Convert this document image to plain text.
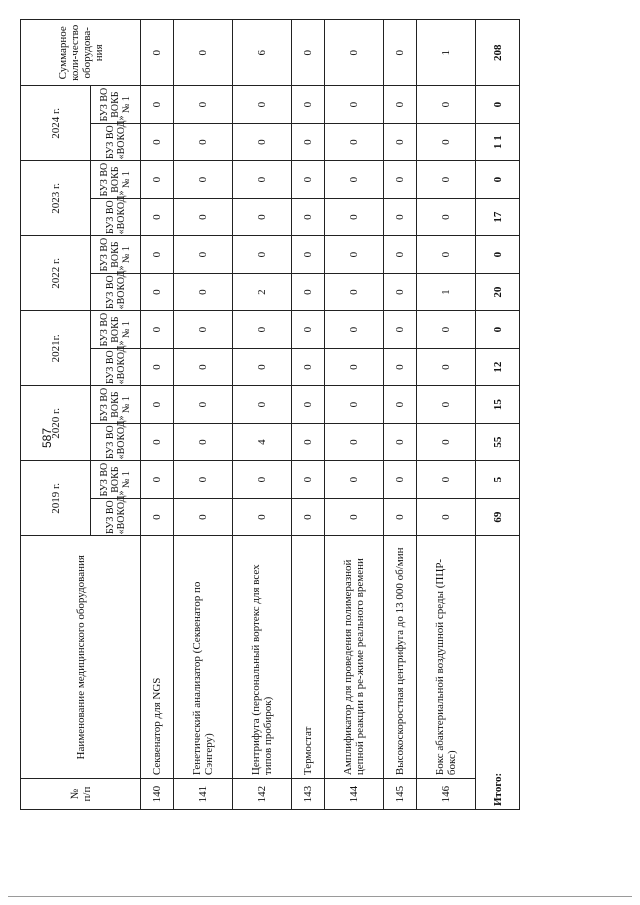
587
№ п/п	Наименование медицинского оборудования	2019 г.		2020 г.		2021г.		2022 г.		2023 г.		2024 г.		Суммарное коли-чество оборудова-ния
		БУЗ ВО «ВОКОД»	БУЗ ВО ВОКБ № 1	БУЗ ВО «ВОКОД»	БУЗ ВО ВОКБ № 1	БУЗ ВО «ВОКОД»	БУЗ ВО ВОКБ № 1	БУЗ ВО «ВОКОД»	БУЗ ВО ВОКБ № 1	БУЗ ВО «ВОКОД»	БУЗ ВО ВОКБ № 1	БУЗ ВО «ВОКОД»	БУЗ ВО ВОКБ № 1	
140	Секвенатор для NGS	0	0	0	0	0	0	0	0	0	0	0	0	0
141	Генетический анализатор (Секвенатор по Сэнгеру)	0	0	0	0	0	0	0	0	0	0	0	0	0
142	Центрифуга (персональный вортекс для всех типов пробирок)	0	0	4	0	0	0	2	0	0	0	0	0	6
143	Термостат	0	0	0	0	0	0	0	0	0	0	0	0	0
144	Амплификатор для проведения полимеразной цепной реакции в ре-жиме реального времени	0	0	0	0	0	0	0	0	0	0	0	0	0
145	Высокоскоростная центрифуга до 13 000 об/мин	0	0	0	0	0	0	0	0	0	0	0	0	0
146	Бокс абактериальной воздушной среды (ПЦР-бокс)	0	0	0	0	0	0	1	0	0	0	0	0	1
Итого:		69	5	55	15	12	0	20	0	17	0	1 1	0	208
